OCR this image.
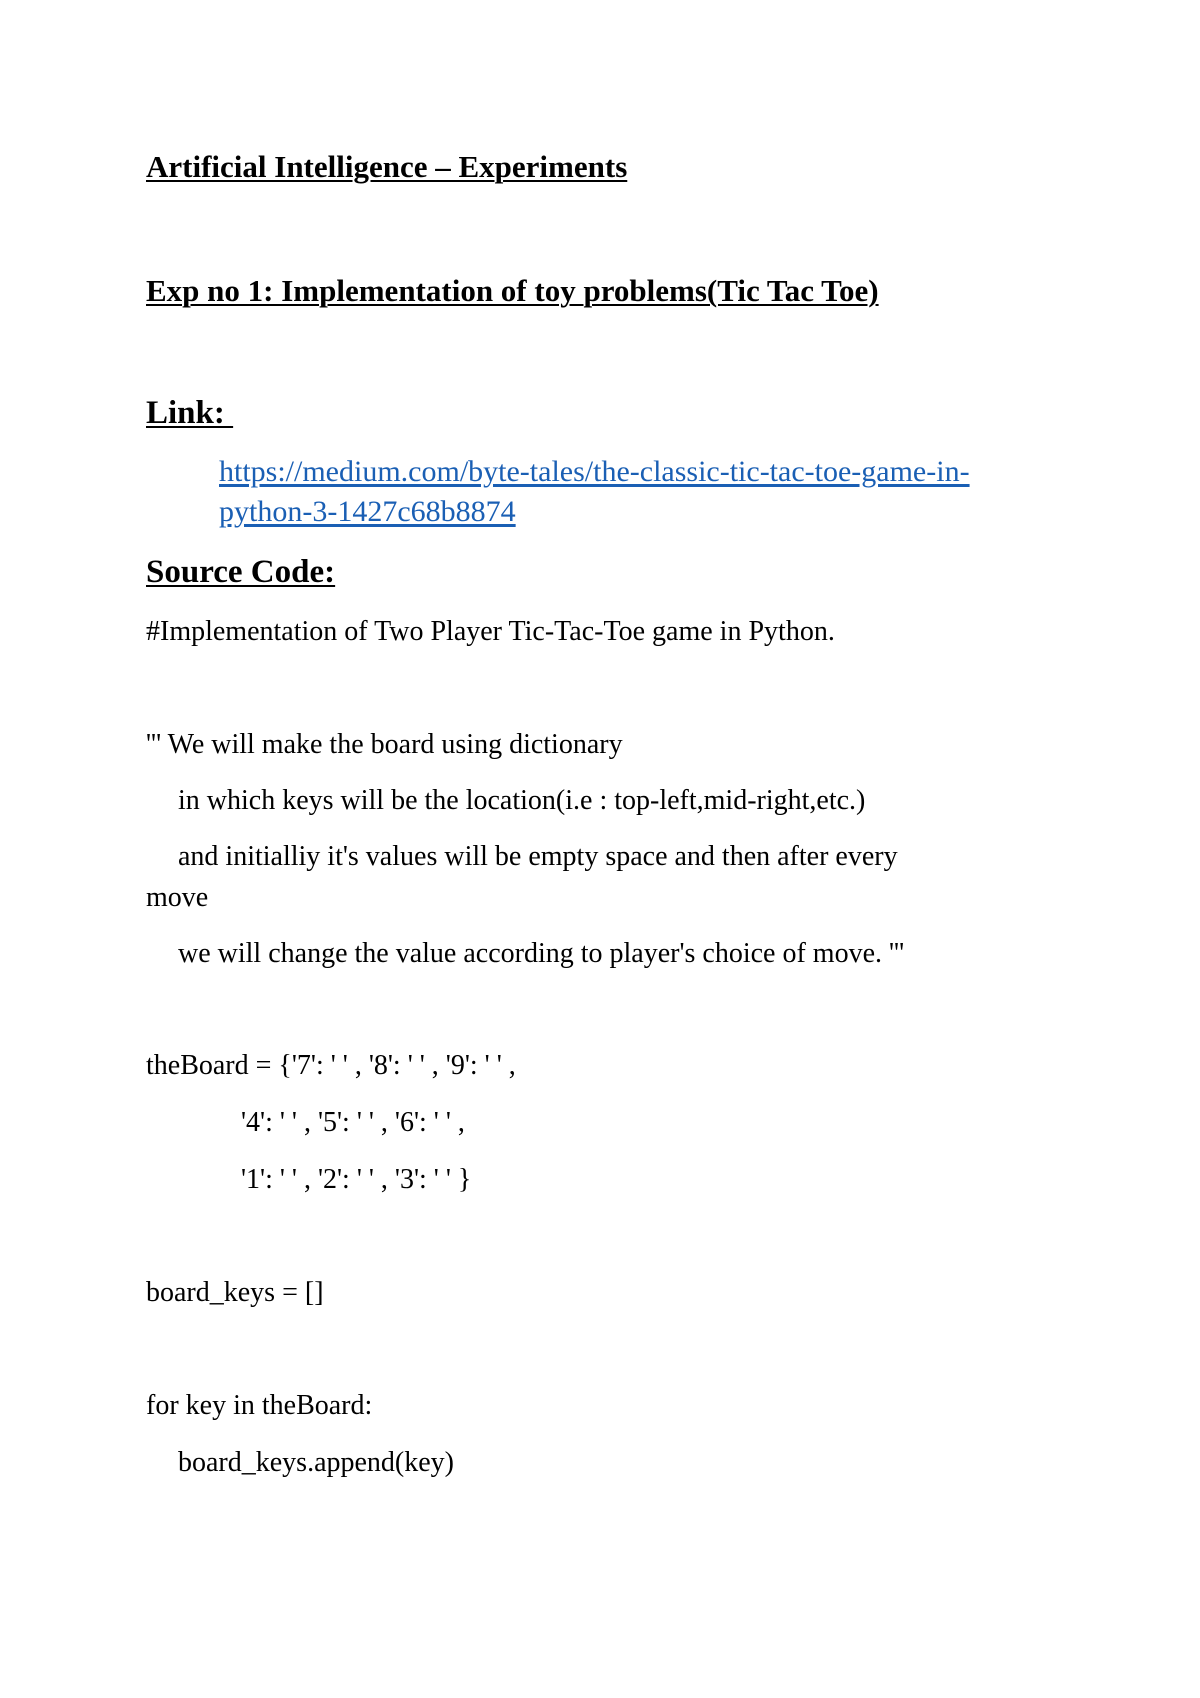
Artificial Intelligence – Experiments
Exp no 1: Implementation of toy problems(Tic Tac Toe)
Link:
https://medium.com/byte-tales/the-classic-tic-tac-toe-game-in-
python-3-1427c68b8874
Source Code:
#Implementation of Two Player Tic-Tac-Toe game in Python.
''' We will make the board using dictionary
in which keys will be the location(i.e : top-left,mid-right,etc.)
and initialliy it's values will be empty space and then after every
move
we will change the value according to player's choice of move. '''
theBoard = {'7': ' ' , '8': ' ' , '9': ' ' ,
'4': ' ' , '5': ' ' , '6': ' ' ,
'1': ' ' , '2': ' ' , '3': ' ' }
board_keys = []
for key in theBoard:
board_keys.append(key)
